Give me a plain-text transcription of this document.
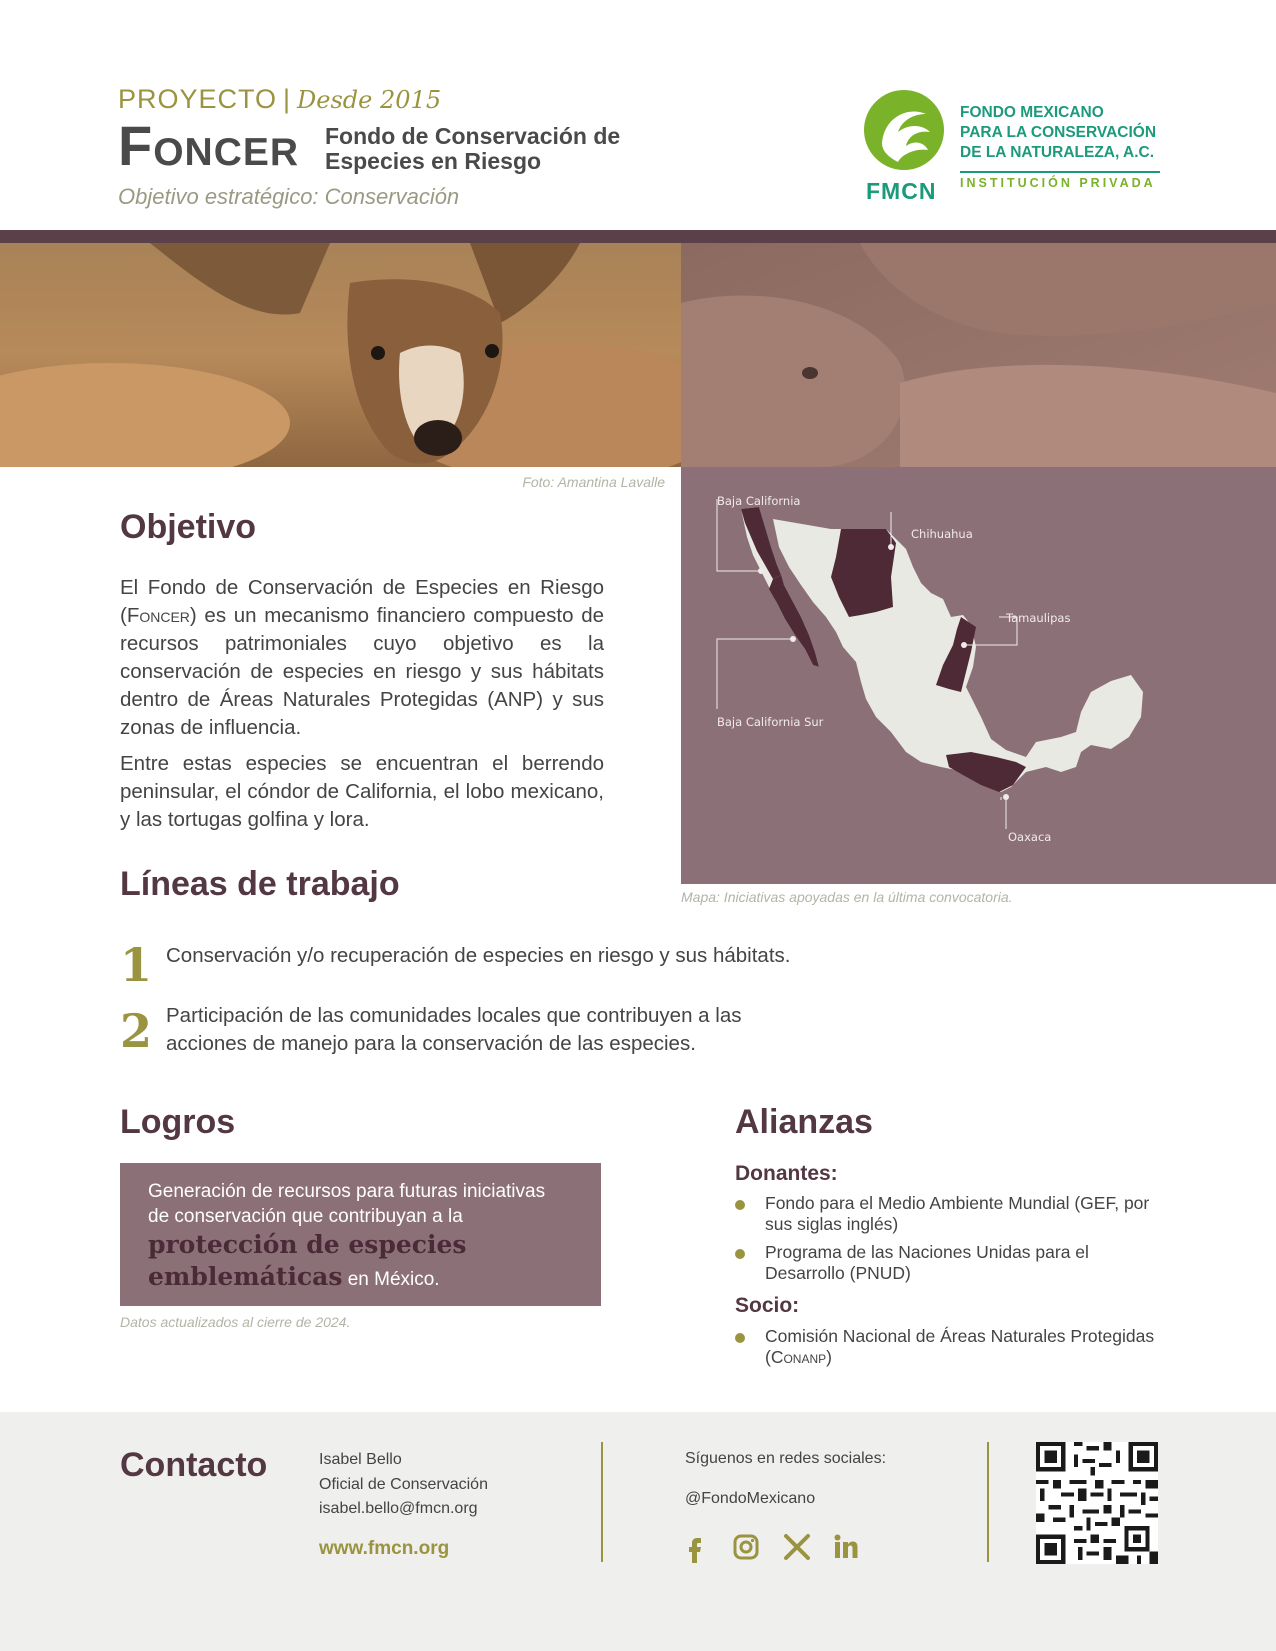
PROYECTO | Desde 2015
Foncer Fondo de Conservación de
Especies en Riesgo
Objetivo estratégico: Conservación	FMCN
FONDO MEXICANO
PARA LA CONSERVACIÓN
DE LA NATURALEZA, A.C.
INSTITUCIÓN PRIVADA
Foto: Amantina Lavalle
Baja California
Chihuahua
Tamaulipas
Baja California Sur
Oaxaca
Mapa: Iniciativas apoyadas en la última convocatoria.
Objetivo
El Fondo de Conservación de Especies en Riesgo (Foncer) es un mecanismo financiero compuesto de recursos patrimoniales cuyo objetivo es la conservación de especies en riesgo y sus hábitats dentro de Áreas Naturales Protegidas (ANP) y sus zonas de influencia.
Entre estas especies se encuentran el berrendo peninsular, el cóndor de California, el lobo mexicano, y las tortugas golfina y lora.
Líneas de trabajo
1 Conservación y/o recuperación de especies en riesgo y sus hábitats.
2 Participación de las comunidades locales que contribuyen a las
acciones de manejo para la conservación de las especies.
Logros
Generación de recursos para futuras iniciativas
de conservación que contribuyan a la
protección de especies
emblemáticas en México.
Datos actualizados al cierre de 2024.
Alianzas
Donantes:
Fondo para el Medio Ambiente Mundial (GEF, por
sus siglas inglés)
Programa de las Naciones Unidas para el
Desarrollo (PNUD)
Socio:
Comisión Nacional de Áreas Naturales Protegidas
(Conanp)
Contacto	Isabel Bello
Oficial de Conservación
isabel.bello@fmcn.org
www.fmcn.org
Síguenos en redes sociales:
@FondoMexicano
